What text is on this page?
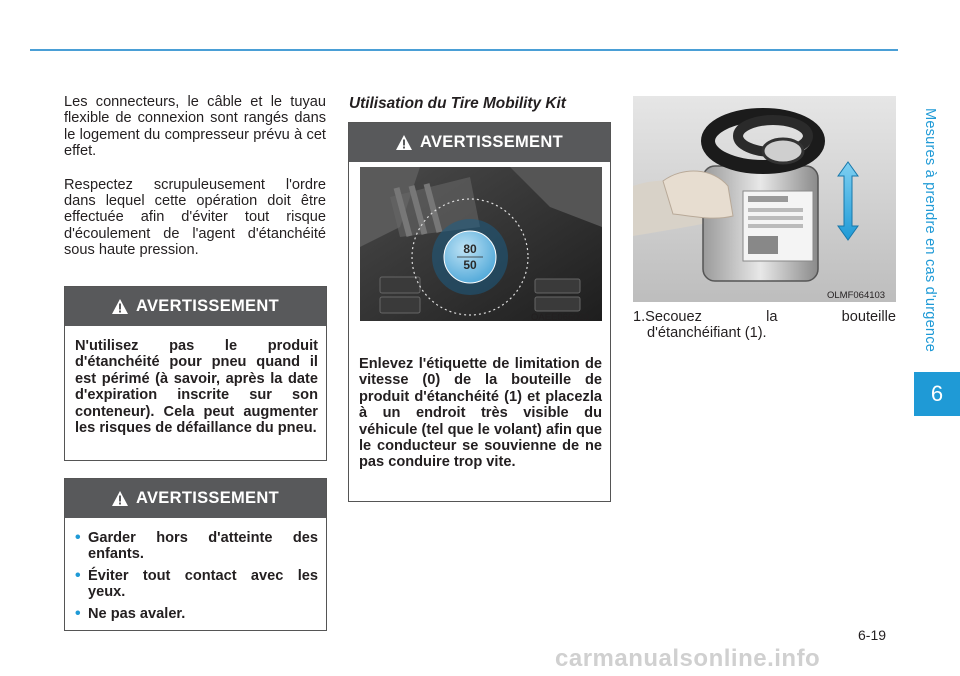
Les connecteurs, le câble et le tuyau flexible de connexion sont rangés dans le logement du compresseur prévu à cet effet.

Respectez scrupuleusement l'ordre dans lequel cette opération doit être effectuée afin d'éviter tout risque d'écoulement de l'agent d'étanchéité sous haute pression.

AVERTISSEMENT
N'utilisez pas le produit d'étanchéité pour pneu quand il est périmé (à savoir, après la date d'expiration inscrite sur son conteneur). Cela peut augmenter les risques de défaillance du pneu.
AVERTISSEMENT
• Garder hors d'atteinte des enfants.
• Éviter tout contact avec les yeux.
• Ne pas avaler.
Utilisation du Tire Mobility Kit
AVERTISSEMENT
80
50
OAEE066003
Enlevez l'étiquette de limitation de vitesse (0) de la bouteille de produit d'étanchéité (1) et placezla à un endroit très visible du véhicule (tel que le volant) afin que le conducteur se souvienne de ne pas conduire trop vite.
OLMF064103
1.Secouez la bouteille
d'étanchéifiant (1).	Mesures à prendre en cas d'urgence
6
6-19
carmanualsonline.info
